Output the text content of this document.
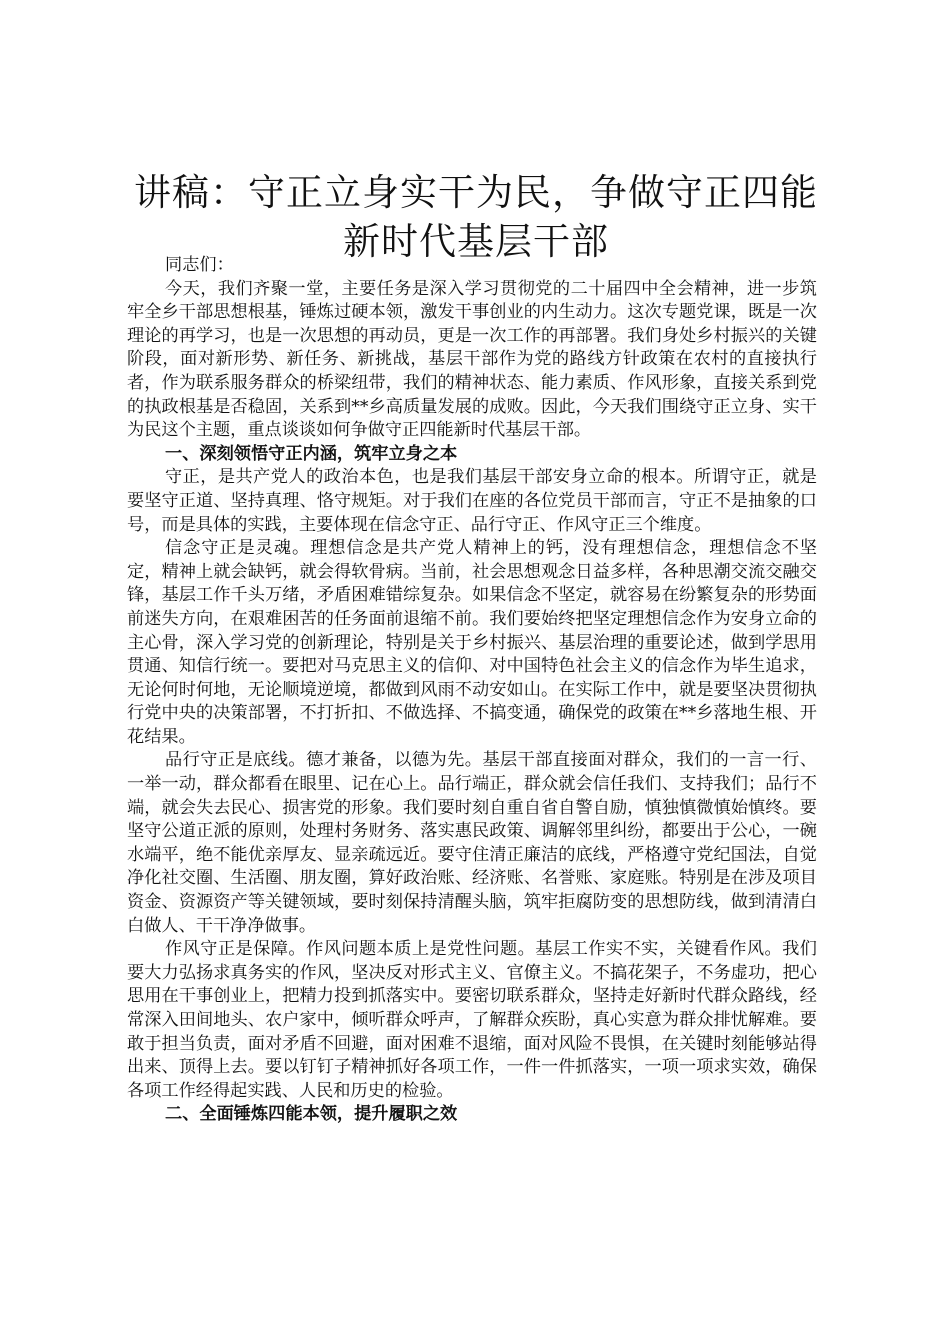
讲稿：守正立身实干为民，争做守正四能新时代基层干部

同志们：

今天，我们齐聚一堂，主要任务是深入学习贯彻党的二十届四中全会精神，进一步筑牢全乡干部思想根基，锤炼过硬本领，激发干事创业的内生动力。这次专题党课，既是一次理论的再学习，也是一次思想的再动员，更是一次工作的再部署。我们身处乡村振兴的关键阶段，面对新形势、新任务、新挑战，基层干部作为党的路线方针政策在农村的直接执行者，作为联系服务群众的桥梁纽带，我们的精神状态、能力素质、作风形象，直接关系到党的执政根基是否稳固，关系到**乡高质量发展的成败。因此，今天我们围绕守正立身、实干为民这个主题，重点谈谈如何争做守正四能新时代基层干部。

一、深刻领悟守正内涵，筑牢立身之本

守正，是共产党人的政治本色，也是我们基层干部安身立命的根本。所谓守正，就是要坚守正道、坚持真理、恪守规矩。对于我们在座的各位党员干部而言，守正不是抽象的口号，而是具体的实践，主要体现在信念守正、品行守正、作风守正三个维度。

信念守正是灵魂。理想信念是共产党人精神上的钙，没有理想信念，理想信念不坚定，精神上就会缺钙，就会得软骨病。当前，社会思想观念日益多样，各种思潮交流交融交锋，基层工作千头万绪，矛盾困难错综复杂。如果信念不坚定，就容易在纷繁复杂的形势面前迷失方向，在艰难困苦的任务面前退缩不前。我们要始终把坚定理想信念作为安身立命的主心骨，深入学习党的创新理论，特别是关于乡村振兴、基层治理的重要论述，做到学思用贯通、知信行统一。要把对马克思主义的信仰、对中国特色社会主义的信念作为毕生追求，无论何时何地，无论顺境逆境，都做到风雨不动安如山。在实际工作中，就是要坚决贯彻执行党中央的决策部署，不打折扣、不做选择、不搞变通，确保党的政策在**乡落地生根、开花结果。

品行守正是底线。德才兼备，以德为先。基层干部直接面对群众，我们的一言一行、一举一动，群众都看在眼里、记在心上。品行端正，群众就会信任我们、支持我们；品行不端，就会失去民心、损害党的形象。我们要时刻自重自省自警自励，慎独慎微慎始慎终。要坚守公道正派的原则，处理村务财务、落实惠民政策、调解邻里纠纷，都要出于公心，一碗水端平，绝不能优亲厚友、显亲疏远近。要守住清正廉洁的底线，严格遵守党纪国法，自觉净化社交圈、生活圈、朋友圈，算好政治账、经济账、名誉账、家庭账。特别是在涉及项目资金、资源资产等关键领域，要时刻保持清醒头脑，筑牢拒腐防变的思想防线，做到清清白白做人、干干净净做事。

作风守正是保障。作风问题本质上是党性问题。基层工作实不实，关键看作风。我们要大力弘扬求真务实的作风，坚决反对形式主义、官僚主义。不搞花架子，不务虚功，把心思用在干事创业上，把精力投到抓落实中。要密切联系群众，坚持走好新时代群众路线，经常深入田间地头、农户家中，倾听群众呼声，了解群众疾盼，真心实意为群众排忧解难。要敢于担当负责，面对矛盾不回避，面对困难不退缩，面对风险不畏惧，在关键时刻能够站得出来、顶得上去。要以钉钉子精神抓好各项工作，一件一件抓落实，一项一项求实效，确保各项工作经得起实践、人民和历史的检验。

二、全面锤炼四能本领，提升履职之效
